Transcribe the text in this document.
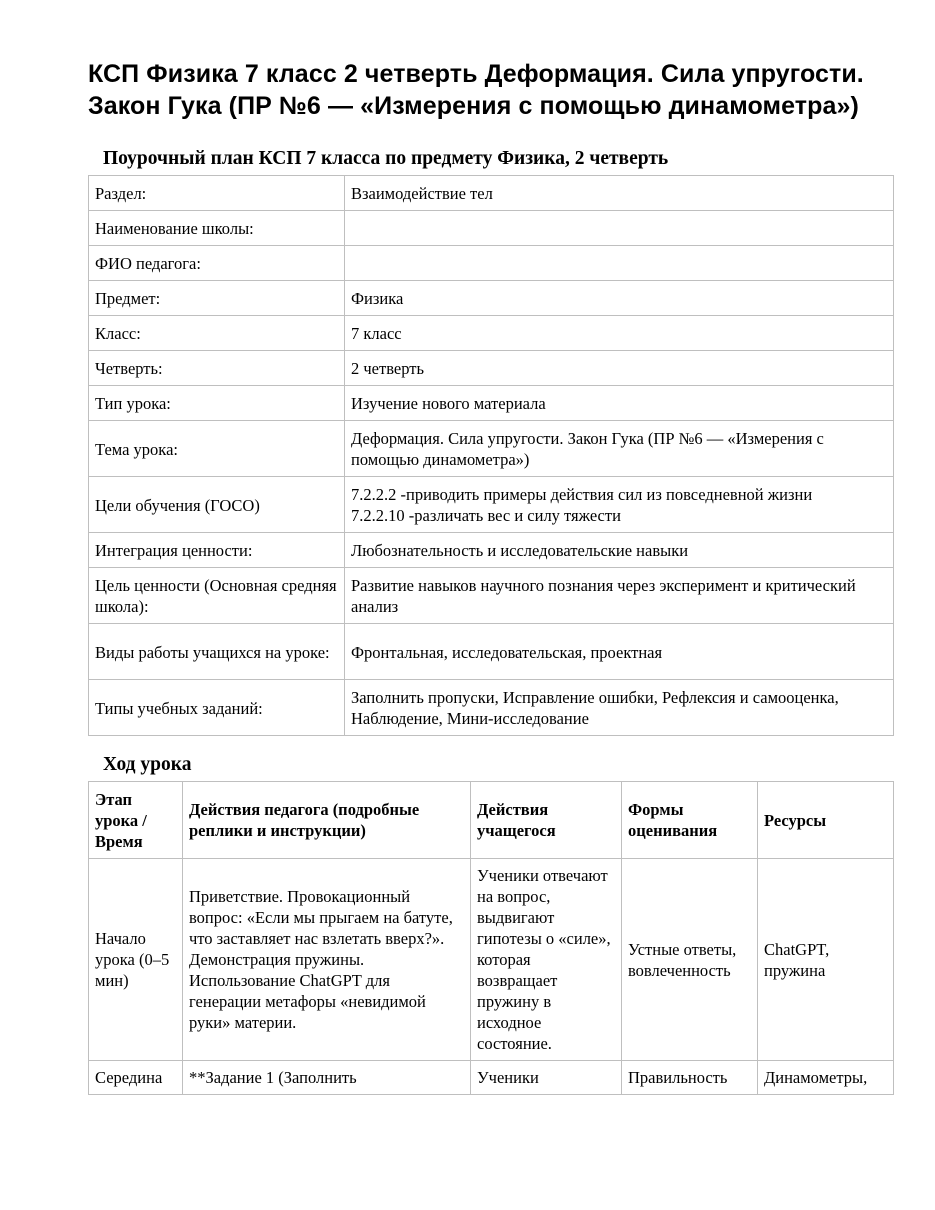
КСП Физика 7 класс 2 четверть Деформация. Сила упругости. Закон Гука (ПР №6 — «Измерения с помощью динамометра»)
Поурочный план КСП 7 класса по предмету Физика, 2 четверть
Раздел:	Взаимодействие тел
Наименование школы:	
ФИО педагога:	
Предмет:	Физика
Класс:	7 класс
Четверть:	2 четверть
Тип урока:	Изучение нового материала
Тема урока:	Деформация. Сила упругости. Закон Гука (ПР №6 — «Измерения с помощью динамометра»)
Цели обучения (ГОСО)	7.2.2.2 -приводить примеры действия сил из повседневной жизни
7.2.2.10 -различать вес и силу тяжести

Интеграция ценности:	Любознательность и исследовательские навыки
Цель ценности (Основная средняя школа):	Развитие навыков научного познания через эксперимент и критический анализ
Виды работы учащихся на уроке:	Фронтальная, исследовательская, проектная
Типы учебных заданий:	Заполнить пропуски, Исправление ошибки, Рефлексия и самооценка, Наблюдение, Мини-исследование
Ход урока
Этап урока / Время	Действия педагога (подробные реплики и инструкции)	Действия учащегося	Формы оценивания	Ресурсы
Начало урока (0–5 мин)	Приветствие. Провокационный вопрос: «Если мы прыгаем на батуте, что заставляет нас взлетать вверх?». Демонстрация пружины. Использование ChatGPT для генерации метафоры «невидимой руки» материи.	Ученики отвечают на вопрос, выдвигают гипотезы о «силе», которая возвращает пружину в исходное состояние.	Устные ответы, вовлеченность	ChatGPT, пружина
Середина	**Задание 1 (Заполнить	Ученики	Правильность	Динамометры,
